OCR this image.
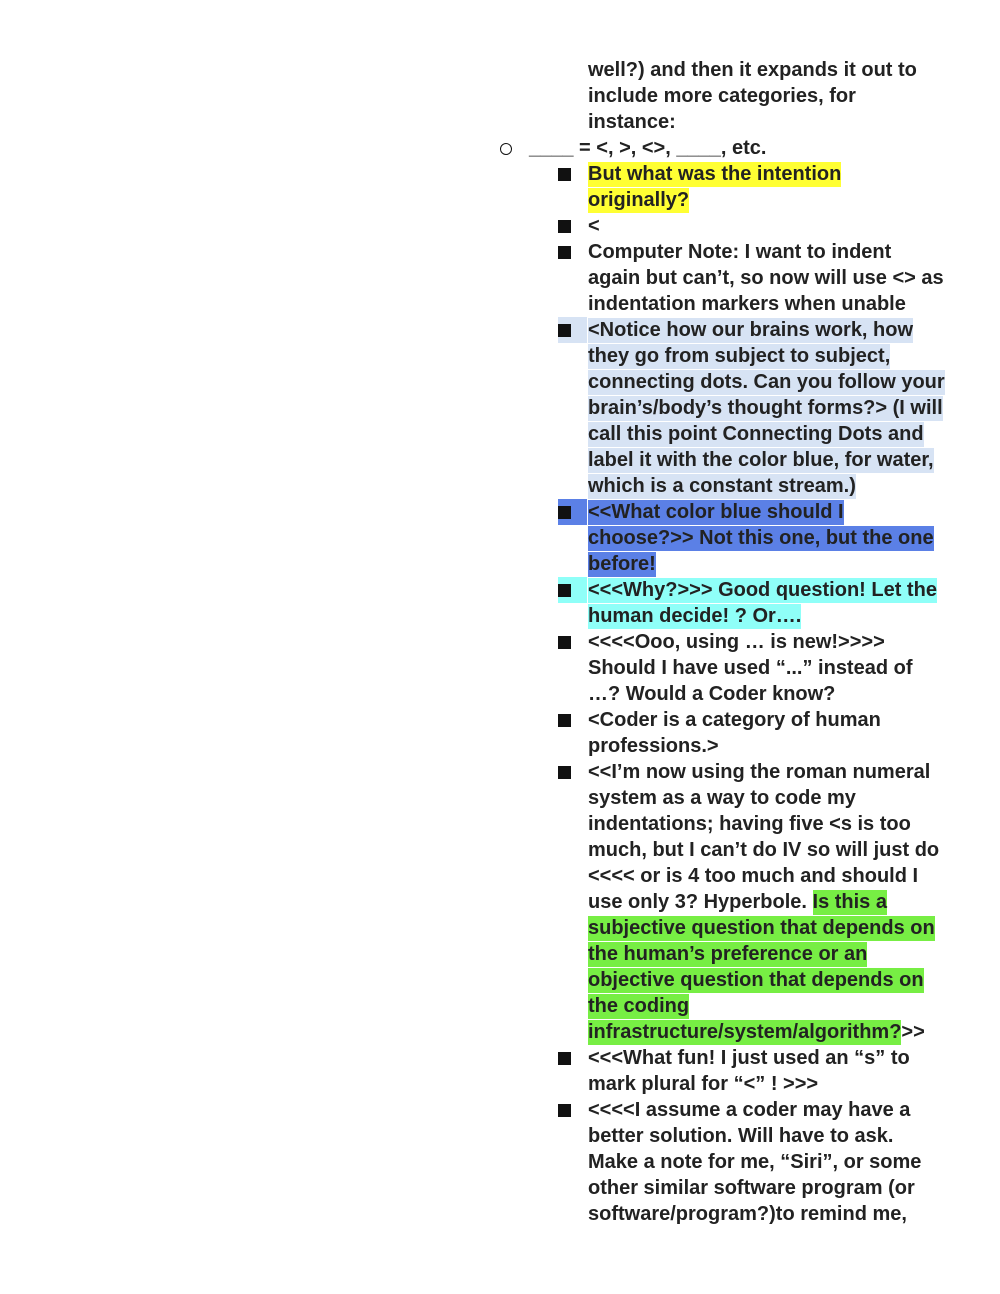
well?) and then it expands it out to
include more categories, for
instance:
____ = <, >, <>, ____, etc.
But what was the intention
originally?
<
Computer Note: I want to indent
again but can’t, so now will use <> as
indentation markers when unable
<Notice how our brains work, how
they go from subject to subject,
connecting dots. Can you follow your
brain’s/body’s thought forms?> (I will
call this point Connecting Dots and
label it with the color blue, for water,
which is a constant stream.)
<<What color blue should I
choose?>> Not this one, but the one
before!
<<<Why?>>> Good question! Let the
human decide! ? Or….
<<<<Ooo, using … is new!>>>>
Should I have used “...” instead of
…? Would a Coder know?
<Coder is a category of human
professions.>
<<I’m now using the roman numeral
system as a way to code my
indentations; having five <s is too
much, but I can’t do IV so will just do
<<<< or is 4 too much and should I
use only 3? Hyperbole. Is this a
subjective question that depends on
the human’s preference or an
objective question that depends on
the coding
infrastructure/system/algorithm?>>
<<<What fun! I just used an “s” to
mark plural for “<” ! >>>
<<<<I assume a coder may have a
better solution. Will have to ask.
Make a note for me, “Siri”, or some
other similar software program (or
software/program?)to remind me,
